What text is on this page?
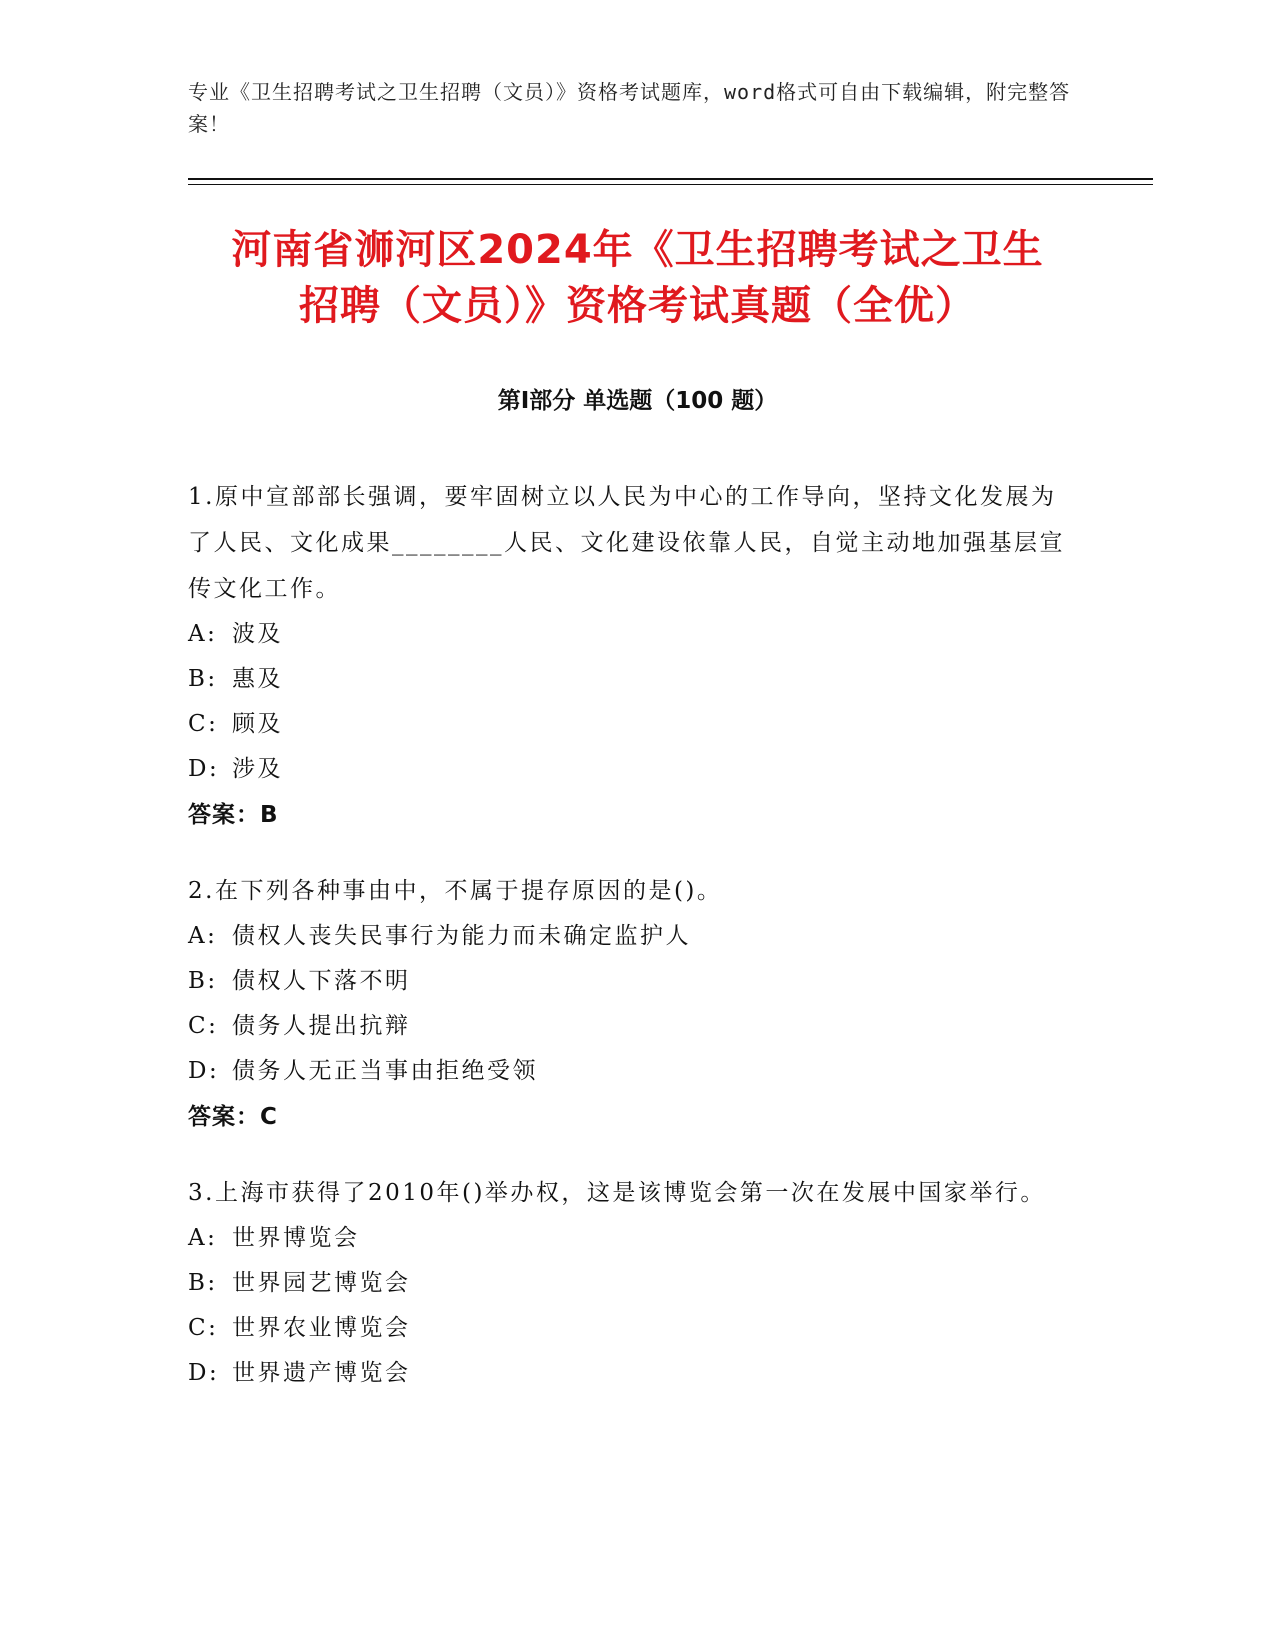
专业《卫生招聘考试之卫生招聘（文员）》资格考试题库，word格式可自由下载编辑，附完整答案！
河南省浉河区2024年《卫生招聘考试之卫生
招聘（文员）》资格考试真题（全优）
第Ⅰ部分 单选题（100 题）

1.原中宣部部长强调，要牢固树立以人民为中心的工作导向，坚持文化发展为了人民、文化成果________人民、文化建设依靠人民，自觉主动地加强基层宣传文化工作。

A: 波及

B: 惠及

C: 顾及

D: 涉及

答案：B

2.在下列各种事由中，不属于提存原因的是()。

A: 债权人丧失民事行为能力而未确定监护人

B: 债权人下落不明

C: 债务人提出抗辩

D: 债务人无正当事由拒绝受领

答案：C

3.上海市获得了2010年()举办权，这是该博览会第一次在发展中国家举行。

A: 世界博览会

B: 世界园艺博览会

C: 世界农业博览会

D: 世界遗产博览会
